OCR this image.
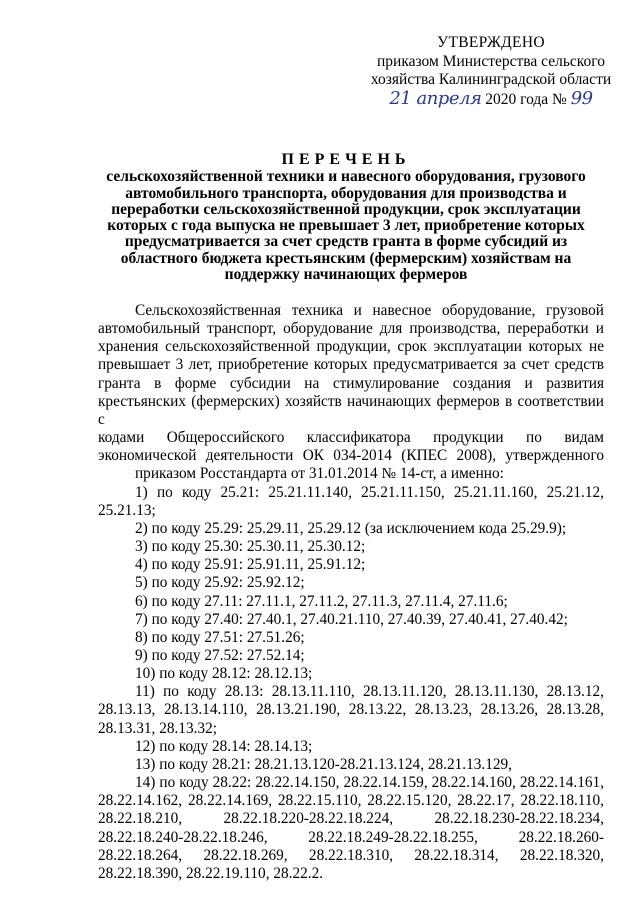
УТВЕРЖДЕНО
приказом Министерства сельского
хозяйства Калининградской области
21 апреля 2020 года № 99
ПЕРЕЧЕНЬ
сельскохозяйственной техники и навесного оборудования, грузового
автомобильного транспорта, оборудования для производства и
переработки сельскохозяйственной продукции, срок эксплуатации
которых с года выпуска не превышает 3 лет, приобретение которых
предусматривается за счет средств гранта в форме субсидий из
областного бюджета крестьянским (фермерским) хозяйствам на
поддержку начинающих фермеров
Сельскохозяйственная техника и навесное оборудование, грузовой
автомобильный транспорт, оборудование для производства, переработки и
хранения сельскохозяйственной продукции, срок эксплуатации которых не
превышает 3 лет, приобретение которых предусматривается за счет средств
гранта в форме субсидии на стимулирование создания и развития
крестьянских (фермерских) хозяйств начинающих фермеров в соответствии с
кодами Общероссийского классификатора продукции по видам
экономической деятельности ОК 034-2014 (КПЕС 2008), утвержденного
приказом Росстандарта от 31.01.2014 № 14-ст, а именно:
1) по коду 25.21: 25.21.11.140, 25.21.11.150, 25.21.11.160, 25.21.12,
25.21.13;
2) по коду 25.29: 25.29.11, 25.29.12 (за исключением кода 25.29.9);
3) по коду 25.30: 25.30.11, 25.30.12;
4) по коду 25.91: 25.91.11, 25.91.12;
5) по коду 25.92: 25.92.12;
6) по коду 27.11: 27.11.1, 27.11.2, 27.11.3, 27.11.4, 27.11.6;
7) по коду 27.40: 27.40.1, 27.40.21.110, 27.40.39, 27.40.41, 27.40.42;
8) по коду 27.51: 27.51.26;
9) по коду 27.52: 27.52.14;
10) по коду 28.12: 28.12.13;
11) по коду 28.13: 28.13.11.110, 28.13.11.120, 28.13.11.130, 28.13.12,
28.13.13, 28.13.14.110, 28.13.21.190, 28.13.22, 28.13.23, 28.13.26, 28.13.28,
28.13.31, 28.13.32;
12) по коду 28.14: 28.14.13;
13) по коду 28.21: 28.21.13.120-28.21.13.124, 28.21.13.129,
14) по коду 28.22: 28.22.14.150, 28.22.14.159, 28.22.14.160, 28.22.14.161,
28.22.14.162, 28.22.14.169, 28.22.15.110, 28.22.15.120, 28.22.17, 28.22.18.110,
28.22.18.210, 28.22.18.220-28.22.18.224, 28.22.18.230-28.22.18.234,
28.22.18.240-28.22.18.246, 28.22.18.249-28.22.18.255, 28.22.18.260-
28.22.18.264, 28.22.18.269, 28.22.18.310, 28.22.18.314, 28.22.18.320,
28.22.18.390, 28.22.19.110, 28.22.2.
